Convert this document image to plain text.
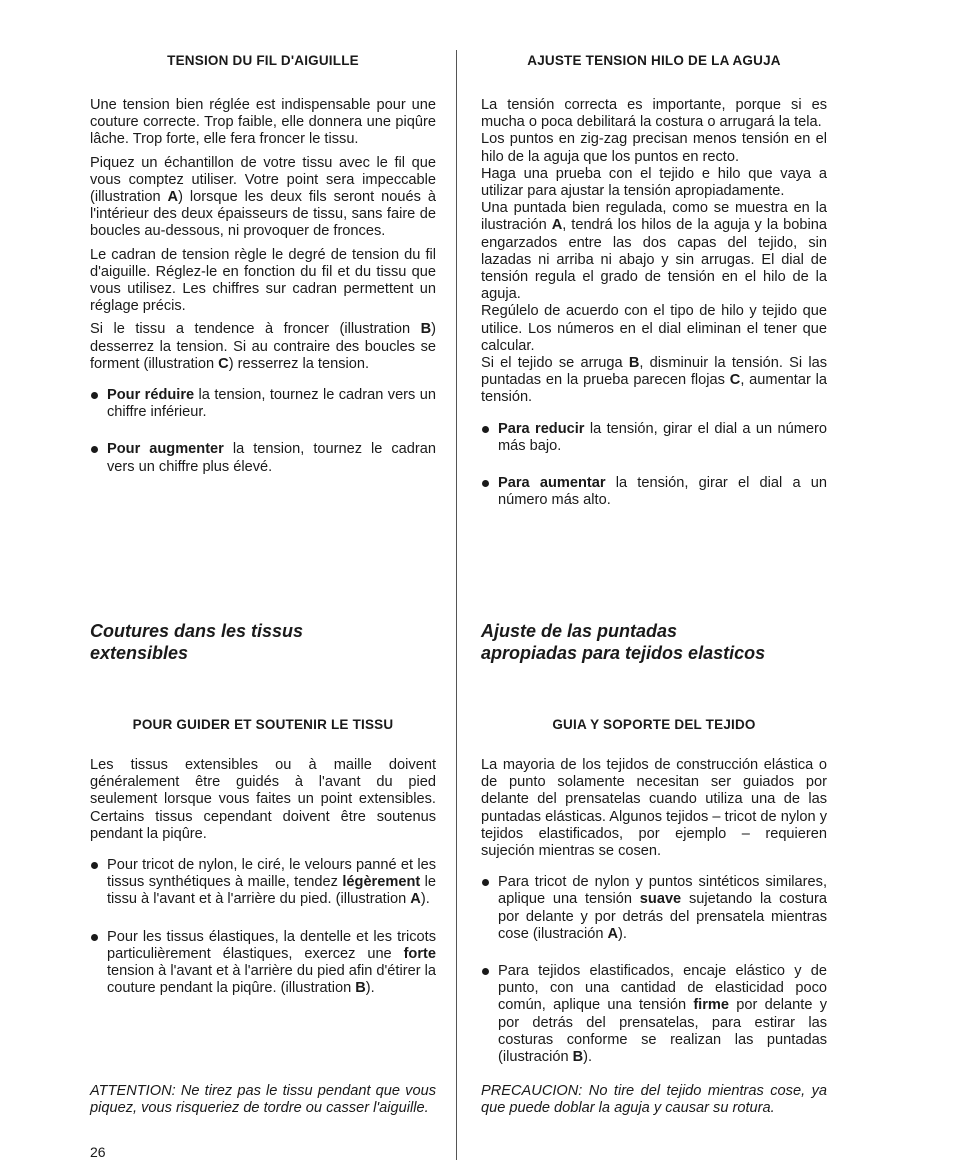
TENSION DU FIL D'AIGUILLE

Une tension bien réglée est indispensable pour une couture correcte. Trop faible, elle donnera une piqûre lâche. Trop forte, elle fera froncer le tissu.

Piquez un échantillon de votre tissu avec le fil que vous comptez utiliser. Votre point sera impeccable (illustration A) lorsque les deux fils seront noués à l'intérieur des deux épaisseurs de tissu, sans faire de boucles au-dessous, ni provoquer de fronces.

Le cadran de tension règle le degré de tension du fil d'aiguille. Réglez-le en fonction du fil et du tissu que vous utilisez. Les chiffres sur cadran permettent un réglage précis.

Si le tissu a tendence à froncer (illustration B) desserrez la tension. Si au contraire des boucles se forment (illustration C) resserrez la tension.

Pour réduire la tension, tournez le cadran vers un chiffre inférieur.
Pour augmenter la tension, tournez le cadran vers un chiffre plus élevé.
Coutures dans les tissus
extensibles
POUR GUIDER ET SOUTENIR LE TISSU

Les tissus extensibles ou à maille doivent généralement être guidés à l'avant du pied seulement lorsque vous faites un point extensibles. Certains tissus cependant doivent être soutenus pendant la piqûre.

Pour tricot de nylon, le ciré, le velours panné et les tissus synthétiques à maille, tendez légèrement le tissu à l'avant et à l'arrière du pied. (illustration A).
Pour les tissus élastiques, la dentelle et les tricots particulièrement élastiques, exercez une forte tension à l'avant et à l'arrière du pied afin d'étirer la couture pendant la piqûre. (illustration B).
ATTENTION: Ne tirez pas le tissu pendant que vous piquez, vous risqueriez de tordre ou casser l'aiguille.
AJUSTE TENSION HILO DE LA AGUJA

La tensión correcta es importante, porque si es mucha o poca debilitará la costura o arrugará la tela.

Los puntos en zig-zag precisan menos tensión en el hilo de la aguja que los puntos en recto.

Haga una prueba con el tejido e hilo que vaya a utilizar para ajustar la tensión apropiadamente.

Una puntada bien regulada, como se muestra en la ilustración A, tendrá los hilos de la aguja y la bobina engarzados entre las dos capas del tejido, sin lazadas ni arriba ni abajo y sin arrugas. El dial de tensión regula el grado de tensión en el hilo de la aguja.

Regúlelo de acuerdo con el tipo de hilo y tejido que utilice. Los números en el dial eliminan el tener que calcular.

Si el tejido se arruga B, disminuir la tensión. Si las puntadas en la prueba parecen flojas C, aumentar la tensión.

Para reducir la tensión, girar el dial a un número más bajo.
Para aumentar la tensión, girar el dial a un número más alto.
Ajuste de las puntadas
apropiadas para tejidos elasticos
GUIA Y SOPORTE DEL TEJIDO

La mayoria de los tejidos de construcción elástica o de punto solamente necesitan ser guiados por delante del prensatelas cuando utiliza una de las puntadas elásticas. Algunos tejidos – tricot de nylon y tejidos elastificados, por ejemplo – requieren sujeción mientras se cosen.

Para tricot de nylon y puntos sintéticos similares, aplique una tensión suave sujetando la costura por delante y por detrás del prensatela mientras cose (ilustración A).
Para tejidos elastificados, encaje elástico y de punto, con una cantidad de elasticidad poco común, aplique una tensión firme por delante y por detrás del prensatelas, para estirar las costuras conforme se realizan las puntadas (ilustración B).
PRECAUCION: No tire del tejido mientras cose, ya que puede doblar la aguja y causar su rotura.
26
